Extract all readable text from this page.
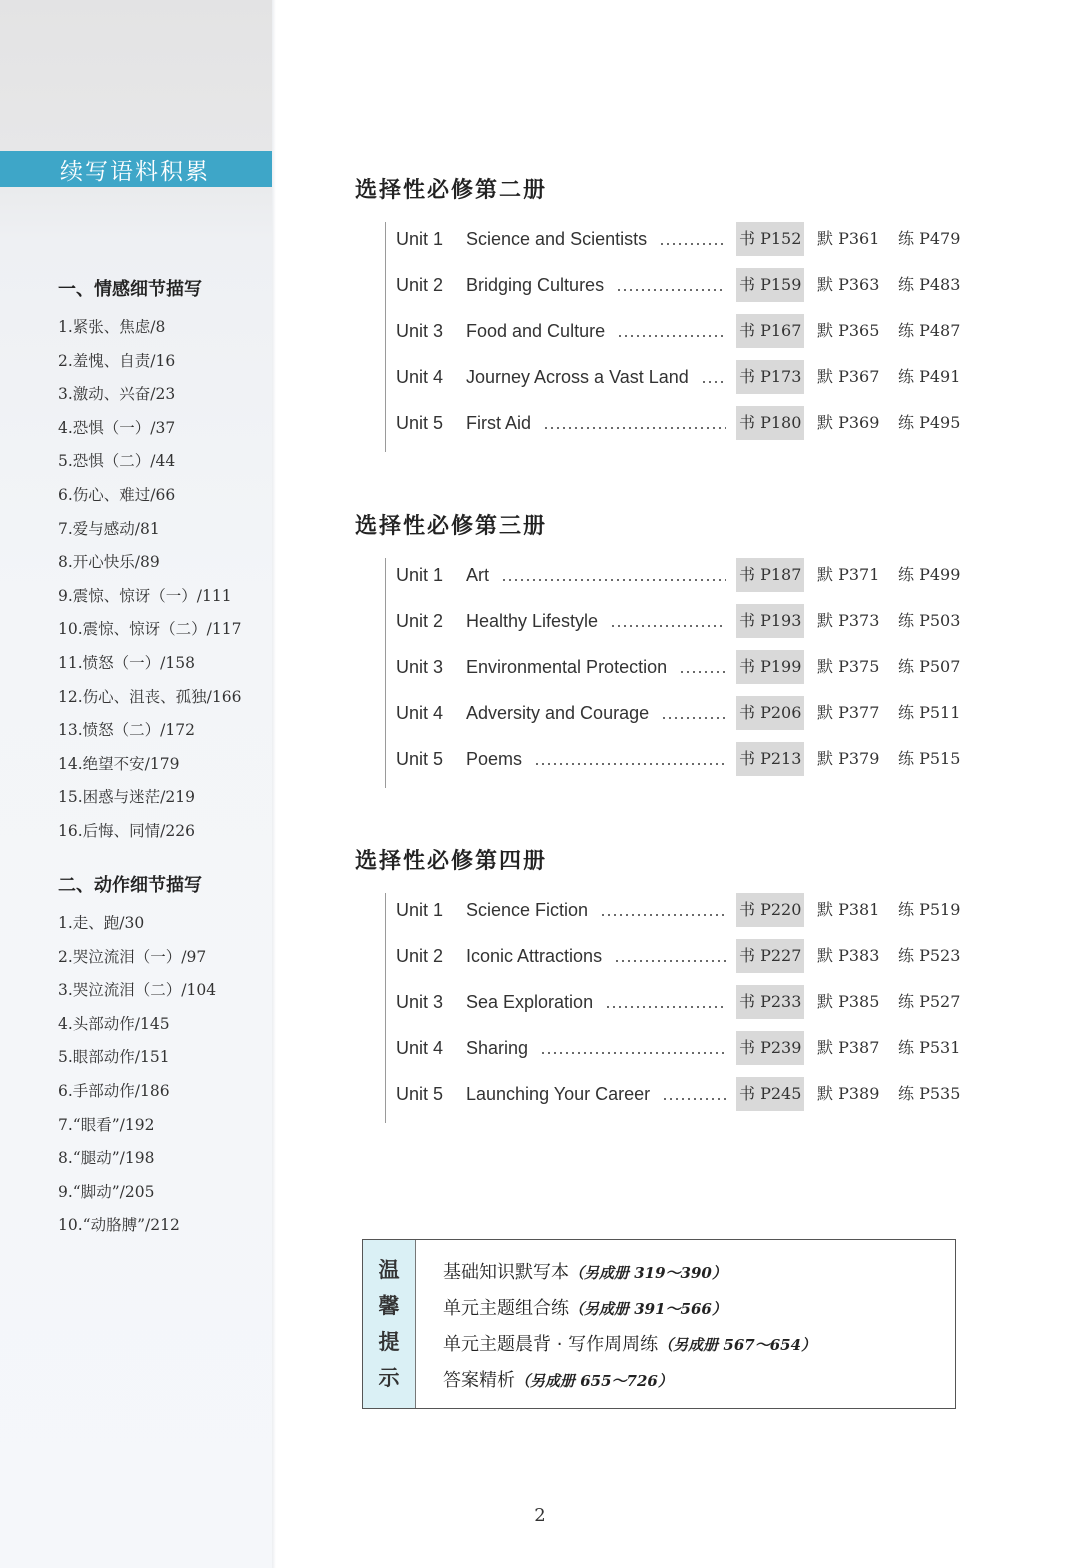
续写语料积累
一、情感细节描写
1.紧张、焦虑/8
2.羞愧、自责/16
3.激动、兴奋/23
4.恐惧（一）/37
5.恐惧（二）/44
6.伤心、难过/66
7.爱与感动/81
8.开心快乐/89
9.震惊、惊讶（一）/111
10.震惊、惊讶（二）/117
11.愤怒（一）/158
12.伤心、沮丧、孤独/166
13.愤怒（二）/172
14.绝望不安/179
15.困惑与迷茫/219
16.后悔、同情/226
二、动作细节描写
1.走、跑/30
2.哭泣流泪（一）/97
3.哭泣流泪（二）/104
4.头部动作/145
5.眼部动作/151
6.手部动作/186
7.“眼看”/192
8.“腿动”/198
9.“脚动”/205
10.“动胳膊”/212
选择性必修第二册
Unit 1 Science and Scientists	书 P152 默 P361 练 P479
Unit 2 Bridging Cultures	书 P159 默 P363 练 P483
Unit 3 Food and Culture	书 P167 默 P365 练 P487
Unit 4 Journey Across a Vast Land	书 P173 默 P367 练 P491
Unit 5 First Aid	书 P180 默 P369 练 P495
选择性必修第三册
Unit 1 Art	书 P187 默 P371 练 P499
Unit 2 Healthy Lifestyle	书 P193 默 P373 练 P503
Unit 3 Environmental Protection	书 P199 默 P375 练 P507
Unit 4 Adversity and Courage	书 P206 默 P377 练 P511
Unit 5 Poems	书 P213 默 P379 练 P515
选择性必修第四册
Unit 1 Science Fiction	书 P220 默 P381 练 P519
Unit 2 Iconic Attractions	书 P227 默 P383 练 P523
Unit 3 Sea Exploration	书 P233 默 P385 练 P527
Unit 4 Sharing	书 P239 默 P387 练 P531
Unit 5 Launching Your Career	书 P245 默 P389 练 P535
温
馨
提
示
基础知识默写本（另成册 319～390）
单元主题组合练（另成册 391～566）
单元主题晨背 · 写作周周练（另成册 567～654）
答案精析（另成册 655～726）
2
